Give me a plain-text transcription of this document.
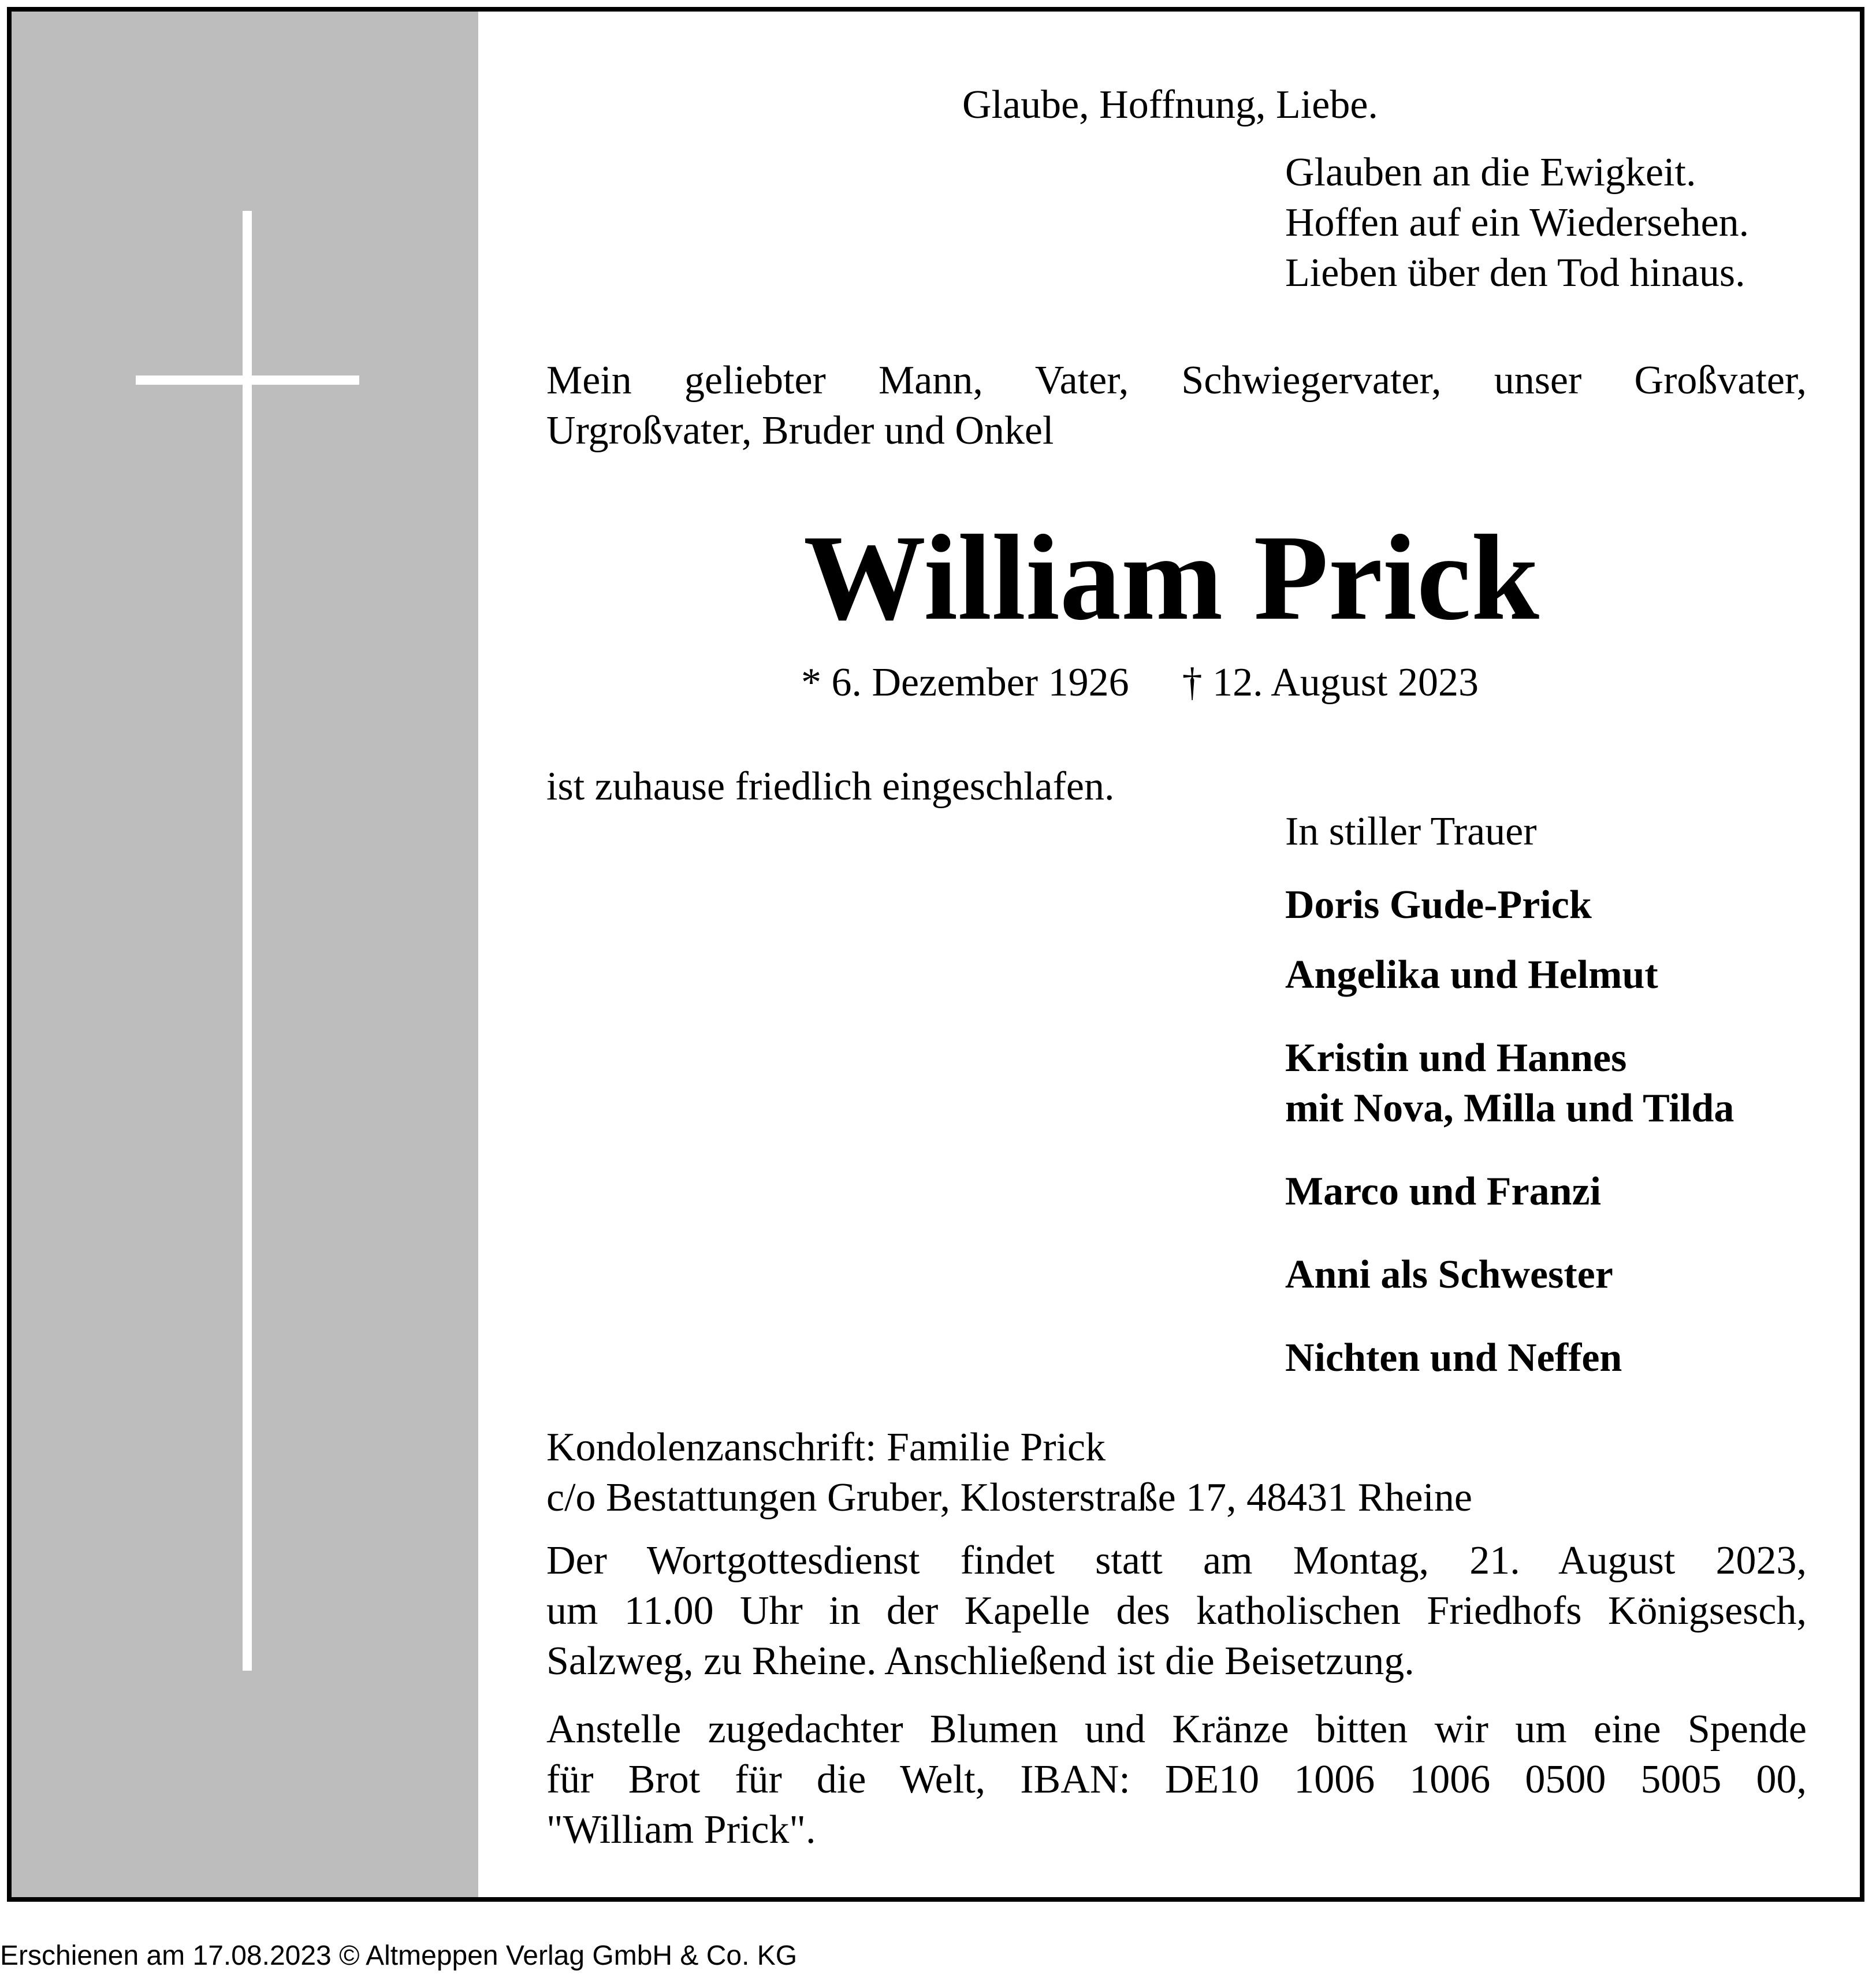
Glaube, Hoffnung, Liebe.
Glauben an die Ewigkeit.
Hoffen auf ein Wiedersehen.
Lieben über den Tod hinaus.
Mein geliebter Mann, Vater, Schwiegervater, unser Großvater,
Urgroßvater, Bruder und Onkel
William Prick
* 6. Dezember 1926 † 12. August 2023
ist zuhause friedlich eingeschlafen.
In stiller Trauer
Doris Gude-Prick
Angelika und Helmut
Kristin und Hannes
mit Nova, Milla und Tilda
Marco und Franzi
Anni als Schwester
Nichten und Neffen
Kondolenzanschrift: Familie Prick
c/o Bestattungen Gruber, Klosterstraße 17, 48431 Rheine
Der Wortgottesdienst findet statt am Montag, 21. August 2023,
um 11.00 Uhr in der Kapelle des katholischen Friedhofs Königsesch,
Salzweg, zu Rheine. Anschließend ist die Beisetzung.
Anstelle zugedachter Blumen und Kränze bitten wir um eine Spende
für Brot für die Welt, IBAN: DE10 1006 1006 0500 5005 00,
"William Prick".
Erschienen am 17.08.2023 © Altmeppen Verlag GmbH & Co. KG
